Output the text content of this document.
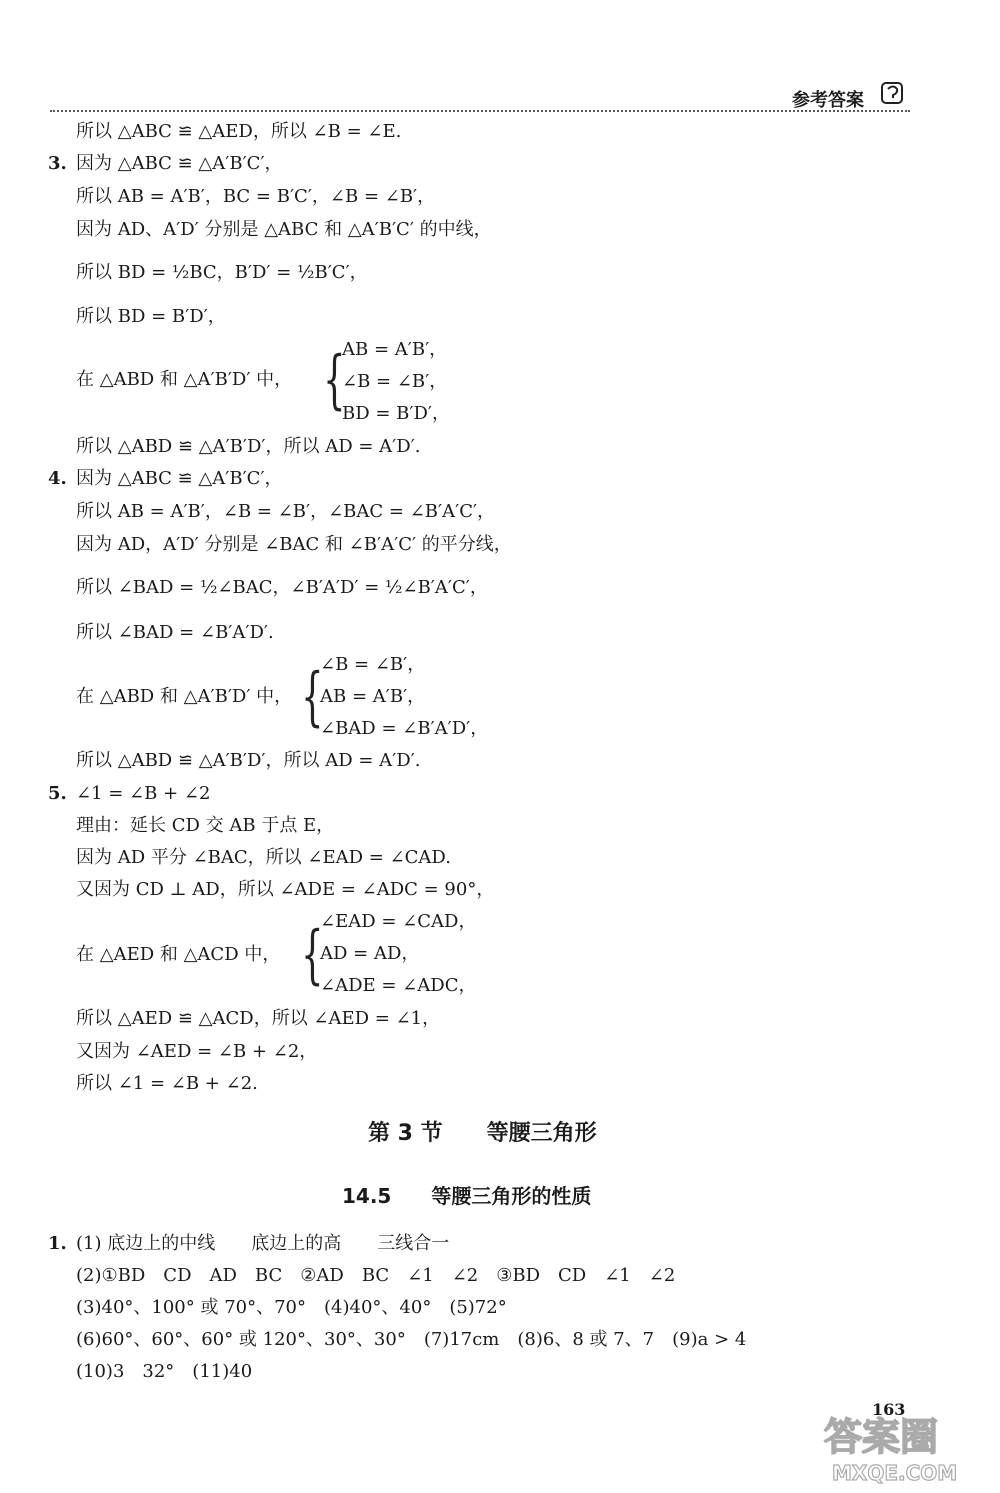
参考答案
所以 △ABC ≌ △AED，所以 ∠B = ∠E.
3. 因为 △ABC ≌ △A′B′C′，
所以 AB = A′B′，BC = B′C′，∠B = ∠B′，
因为 AD、A′D′ 分别是 △ABC 和 △A′B′C′ 的中线，
所以 BD = ½BC，B′D′ = ½B′C′，
所以 BD = B′D′，
在 △ABD 和 △A′B′D′ 中， {
AB = A′B′，
∠B = ∠B′，
BD = B′D′，
所以 △ABD ≌ △A′B′D′，所以 AD = A′D′.
4. 因为 △ABC ≌ △A′B′C′，
所以 AB = A′B′，∠B = ∠B′，∠BAC = ∠B′A′C′，
因为 AD，A′D′ 分别是 ∠BAC 和 ∠B′A′C′ 的平分线，
所以 ∠BAD = ½∠BAC，∠B′A′D′ = ½∠B′A′C′，
所以 ∠BAD = ∠B′A′D′.
在 △ABD 和 △A′B′D′ 中， {
∠B = ∠B′，
AB = A′B′，
∠BAD = ∠B′A′D′，
所以 △ABD ≌ △A′B′D′，所以 AD = A′D′.
5. ∠1 = ∠B + ∠2
理由：延长 CD 交 AB 于点 E，
因为 AD 平分 ∠BAC，所以 ∠EAD = ∠CAD.
又因为 CD ⊥ AD，所以 ∠ADE = ∠ADC = 90°，
在 △AED 和 △ACD 中， {
∠EAD = ∠CAD，
AD = AD，
∠ADE = ∠ADC，
所以 △AED ≌ △ACD，所以 ∠AED = ∠1，
又因为 ∠AED = ∠B + ∠2，
所以 ∠1 = ∠B + ∠2.
第 3 节　　等腰三角形
14.5　　等腰三角形的性质
1. (1) 底边上的中线　　底边上的高　　三线合一
(2)①BD　CD　AD　BC　②AD　BC　∠1　∠2　③BD　CD　∠1　∠2
(3)40°、100° 或 70°、70°　(4)40°、40°　(5)72°
(6)60°、60°、60° 或 120°、30°、30°　(7)17cm　(8)6、8 或 7、7　(9)a > 4
(10)3　32°　(11)40
163
答案圈
MXQE.COM
